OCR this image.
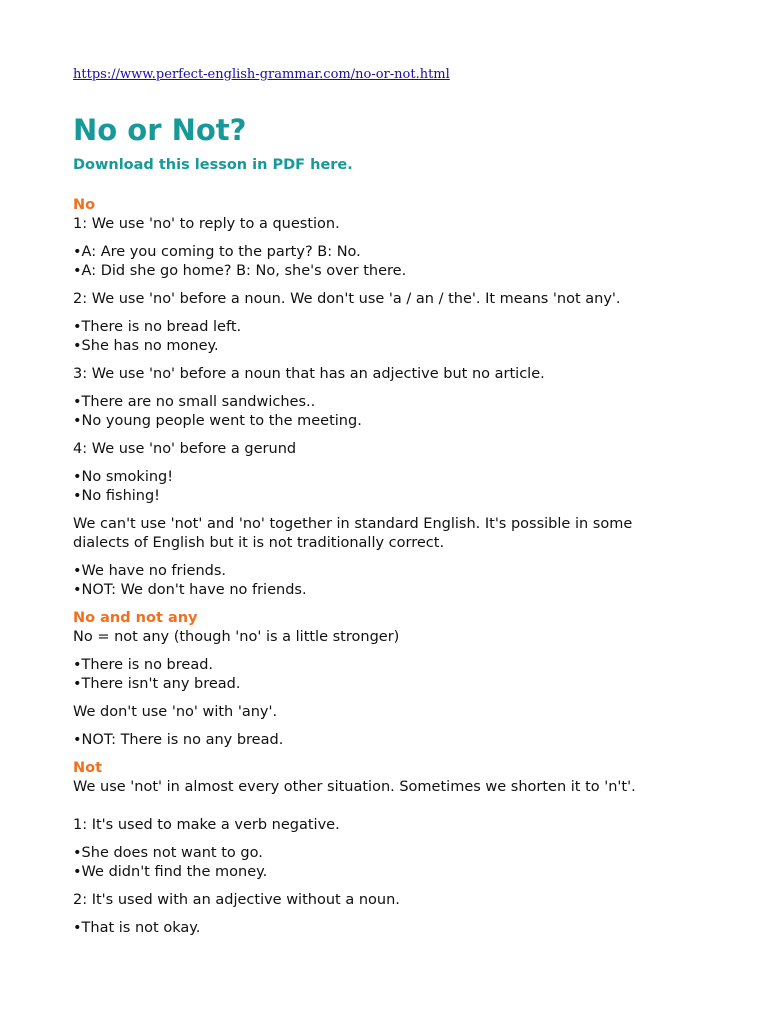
https://www.perfect-english-grammar.com/no-or-not.html
No or Not?
Download this lesson in PDF here.
No

1: We use 'no' to reply to a question.

•A: Are you coming to the party? B: No.

•A: Did she go home? B: No, she's over there.

2: We use 'no' before a noun. We don't use 'a / an / the'. It means 'not any'.

•There is no bread left.

•She has no money.

3: We use 'no' before a noun that has an adjective but no article.

•There are no small sandwiches..

•No young people went to the meeting.

4: We use 'no' before a gerund

•No smoking!

•No fishing!

We can't use 'not' and 'no' together in standard English. It's possible in some dialects of English but it is not traditionally correct.

•We have no friends.

•NOT: We don't have no friends.

No and not any

No = not any (though 'no' is a little stronger)

•There is no bread.

•There isn't any bread.

We don't use 'no' with 'any'.

•NOT: There is no any bread.

Not

We use 'not' in almost every other situation. Sometimes we shorten it to 'n't'.

1: It's used to make a verb negative.

•She does not want to go.

•We didn't find the money.

2: It's used with an adjective without a noun.

•That is not okay.
